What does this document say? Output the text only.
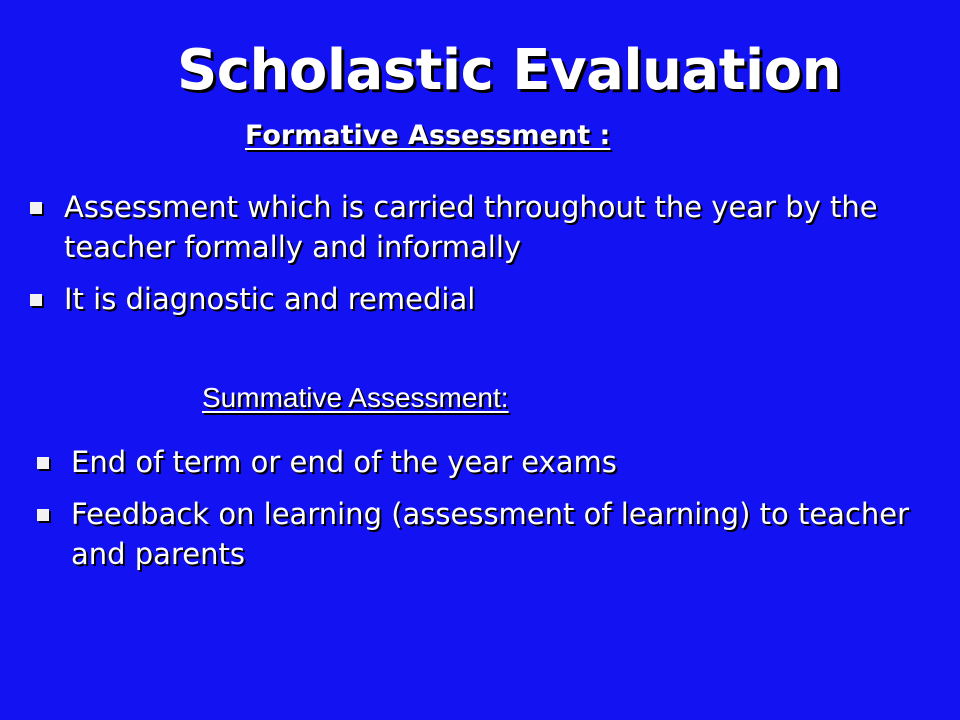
Scholastic Evaluation
Formative Assessment :
Assessment which is carried throughout the year by the teacher formally and informally
It is diagnostic and remedial
Summative Assessment:
End of term or end of the year exams
Feedback on learning (assessment of learning) to teacher and parents
